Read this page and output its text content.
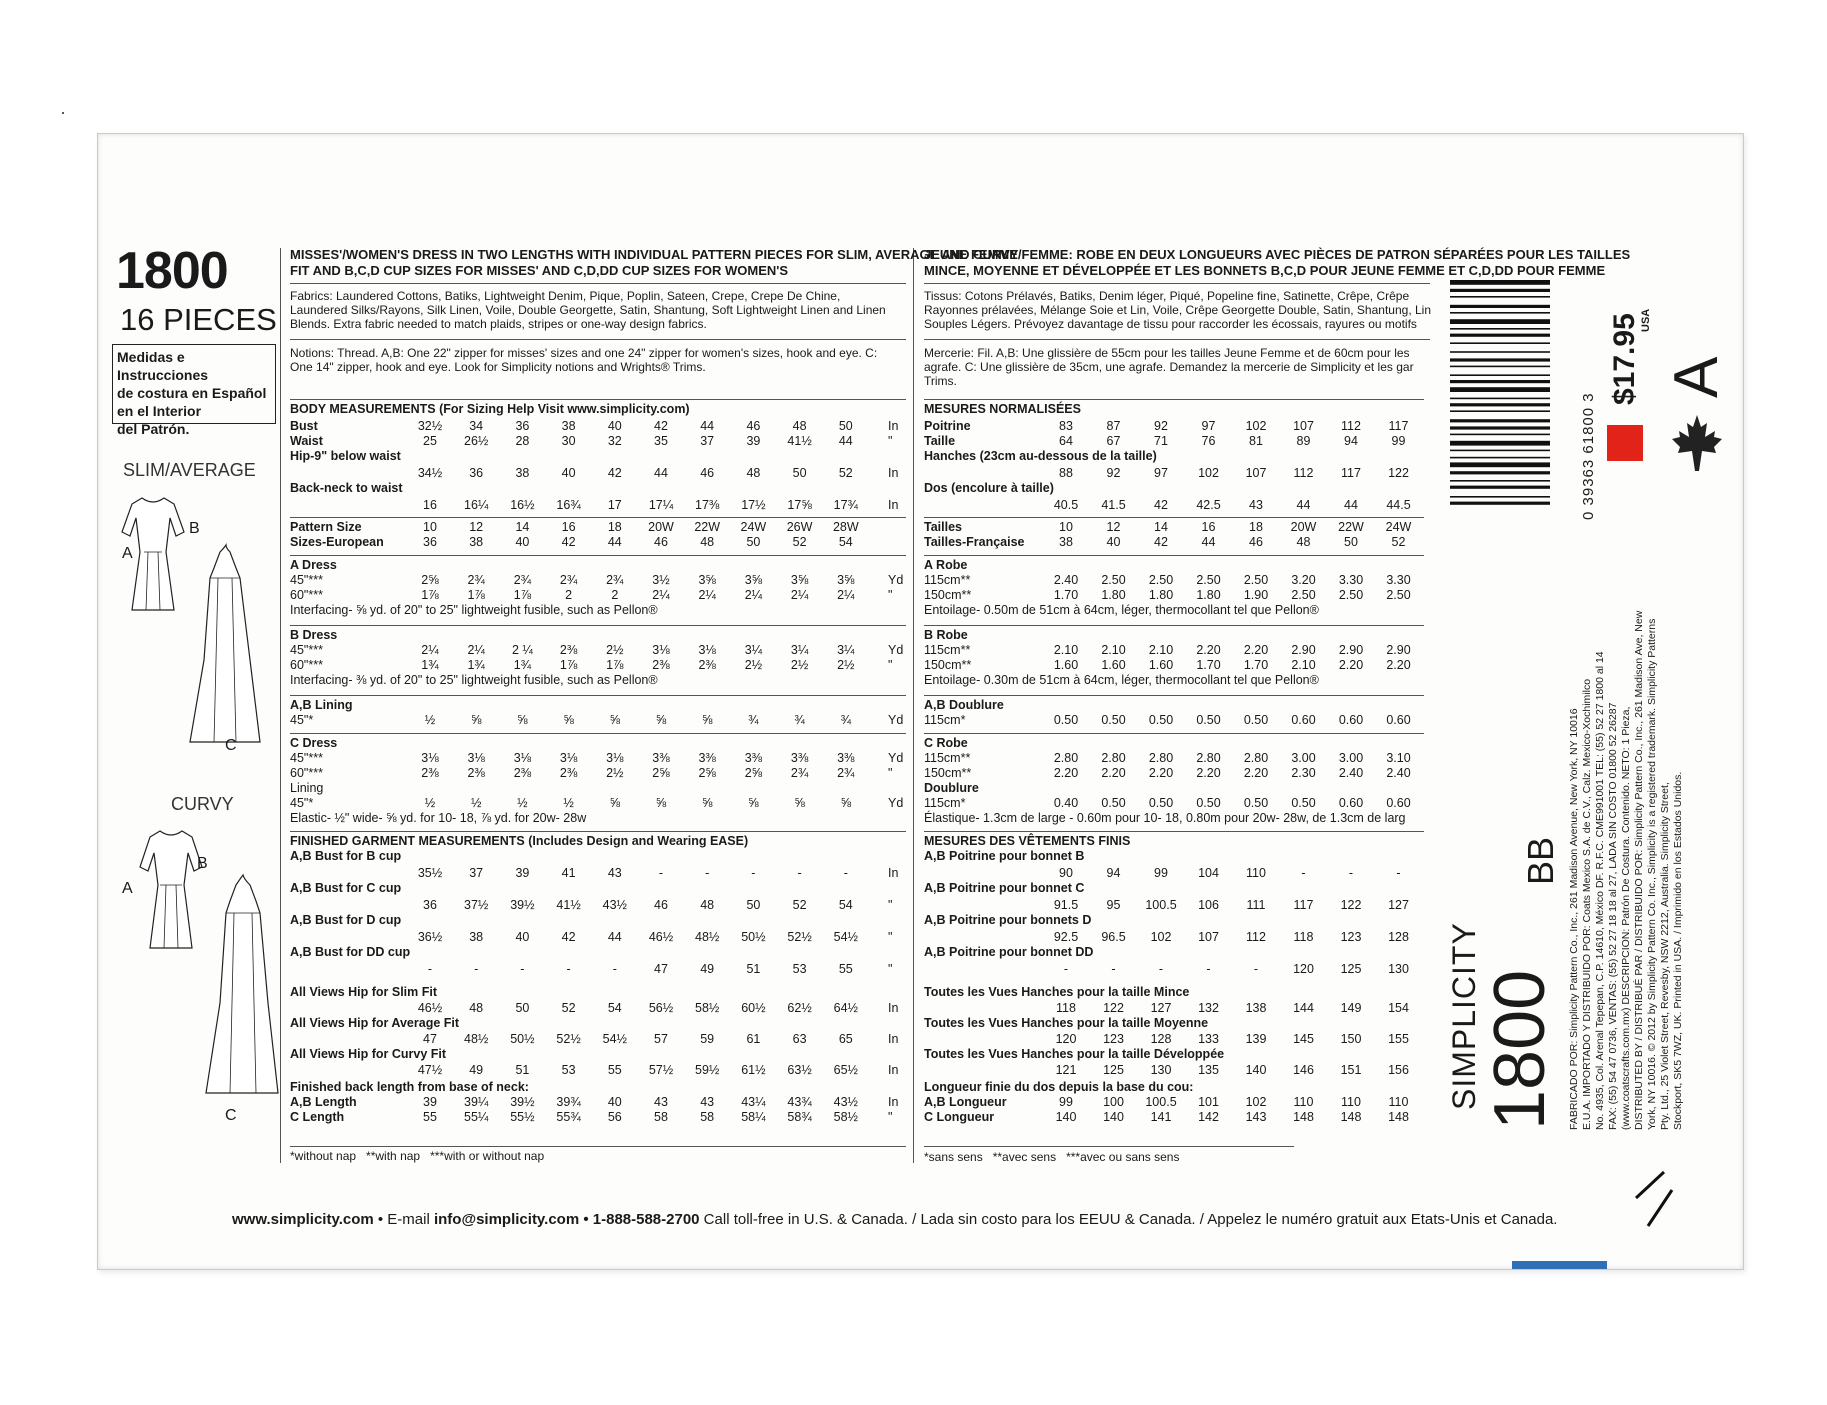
1800
16 PIECES
Medidas e Instrucciones
de costura en Español
en el Interior
del Patrón.
SLIM/AVERAGE
CURVY
A
B
C
A
B
C
MISSES'/WOMEN'S DRESS IN TWO LENGTHS WITH INDIVIDUAL PATTERN PIECES FOR SLIM, AVERAGE AND CURVY
FIT AND B,C,D CUP SIZES FOR MISSES' AND C,D,DD CUP SIZES FOR WOMEN'S
Fabrics: Laundered Cottons, Batiks, Lightweight Denim, Pique, Poplin, Sateen, Crepe, Crepe De Chine,
Laundered Silks/Rayons, Silk Linen, Voile, Double Georgette, Satin, Shantung, Soft Lightweight Linen and Linen
Blends. Extra fabric needed to match plaids, stripes or one-way design fabrics.
Notions: Thread. A,B: One 22" zipper for misses' sizes and one 24" zipper for women's sizes, hook and eye. C:
One 14" zipper, hook and eye. Look for Simplicity notions and Wrights® Trims.
JEUNE FEMME/FEMME: ROBE EN DEUX LONGUEURS AVEC PIÈCES DE PATRON SÉPARÉES POUR LES TAILLES
MINCE, MOYENNE ET DÉVELOPPÉE ET LES BONNETS B,C,D POUR JEUNE FEMME ET C,D,DD POUR FEMME
Tissus: Cotons Prélavés, Batiks, Denim léger, Piqué, Popeline fine, Satinette, Crêpe, Crêpe
Rayonnes prélavées, Mélange Soie et Lin, Voile, Crêpe Georgette Double, Satin, Shantung, Lin
Souples Légers. Prévoyez davantage de tissu pour raccorder les écossais, rayures ou motifs
Mercerie: Fil. A,B: Une glissière de 55cm pour les tailles Jeune Femme et de 60cm pour les
agrafe. C: Une glissière de 35cm, une agrafe. Demandez la mercerie de Simplicity et les gar
Trims.
BODY MEASUREMENTS (For Sizing Help Visit www.simplicity.com)
Bust	32½	34	36	38	40	42	44	46	48	50	In
Waist	25	26½	28	30	32	35	37	39	41½	44	"
Hip-9" below waist
34½	36	38	40	42	44	46	48	50	52	In
Back-neck to waist
16	16¼	16½	16¾	17	17¼	17⅜	17½	17⅝	17¾	In
Pattern Size	10	12	14	16	18	20W	22W	24W	26W	28W
Sizes-European	36	38	40	42	44	46	48	50	52	54
A Dress
45"***	2⅝	2¾	2¾	2¾	2¾	3½	3⅝	3⅝	3⅝	3⅝	Yd
60"***	1⅞	1⅞	1⅞	2	2	2¼	2¼	2¼	2¼	2¼	"
Interfacing- ⅝ yd. of 20" to 25" lightweight fusible, such as Pellon®
B Dress
45"***	2¼	2¼	2 ¼	2⅜	2½	3⅛	3⅛	3¼	3¼	3¼	Yd
60"***	1¾	1¾	1¾	1⅞	1⅞	2⅜	2⅜	2½	2½	2½	"
Interfacing- ⅜ yd. of 20" to 25" lightweight fusible, such as Pellon®
A,B Lining
45"*	½	⅝	⅝	⅝	⅝	⅝	⅝	¾	¾	¾	Yd
C Dress
45"***	3⅛	3⅛	3⅛	3⅛	3⅛	3⅜	3⅜	3⅜	3⅜	3⅜	Yd
60"***	2⅜	2⅜	2⅜	2⅜	2½	2⅝	2⅝	2⅝	2¾	2¾	"
Lining
45"*	½	½	½	½	⅝	⅝	⅝	⅝	⅝	⅝	Yd
Elastic- ½" wide- ⅝ yd. for 10- 18, ⅞ yd. for 20w- 28w
FINISHED GARMENT MEASUREMENTS (Includes Design and Wearing EASE)
A,B Bust for B cup
35½	37	39	41	43	-	-	-	-	-	In
A,B Bust for C cup
36	37½	39½	41½	43½	46	48	50	52	54	"
A,B Bust for D cup
36½	38	40	42	44	46½	48½	50½	52½	54½	"
A,B Bust for DD cup
-	-	-	-	-	47	49	51	53	55	"
All Views Hip for Slim Fit
46½	48	50	52	54	56½	58½	60½	62½	64½	In
All Views Hip for Average Fit
47	48½	50½	52½	54½	57	59	61	63	65	In
All Views Hip for Curvy Fit
47½	49	51	53	55	57½	59½	61½	63½	65½	In
Finished back length from base of neck:
A,B Length	39	39¼	39½	39¾	40	43	43	43¼	43¾	43½	In
C Length	55	55¼	55½	55¾	56	58	58	58¼	58¾	58½	"
MESURES NORMALISÉES
Poitrine	83	87	92	97	102	107	112	117
Taille	64	67	71	76	81	89	94	99
Hanches (23cm au-dessous de la taille)
88	92	97	102	107	112	117	122
Dos (encolure à taille)
40.5	41.5	42	42.5	43	44	44	44.5
Tailles	10	12	14	16	18	20W	22W	24W
Tailles-Française	38	40	42	44	46	48	50	52
A Robe
115cm**	2.40	2.50	2.50	2.50	2.50	3.20	3.30	3.30
150cm**	1.70	1.80	1.80	1.80	1.90	2.50	2.50	2.50
Entoilage- 0.50m de 51cm à 64cm, léger, thermocollant tel que Pellon®
B Robe
115cm**	2.10	2.10	2.10	2.20	2.20	2.90	2.90	2.90
150cm**	1.60	1.60	1.60	1.70	1.70	2.10	2.20	2.20
Entoilage- 0.30m de 51cm à 64cm, léger, thermocollant tel que Pellon®
A,B Doublure
115cm*	0.50	0.50	0.50	0.50	0.50	0.60	0.60	0.60
C Robe
115cm**	2.80	2.80	2.80	2.80	2.80	3.00	3.00	3.10
150cm**	2.20	2.20	2.20	2.20	2.20	2.30	2.40	2.40
Doublure
115cm*	0.40	0.50	0.50	0.50	0.50	0.50	0.60	0.60
Élastique- 1.3cm de large - 0.60m pour 10- 18, 0.80m pour 20w- 28w, de 1.3cm de larg
MESURES DES VÊTEMENTS FINIS
A,B Poitrine pour bonnet B
90	94	99	104	110	-	-	-
A,B Poitrine pour bonnet C
91.5	95	100.5	106	111	117	122	127
A,B Poitrine pour bonnets D
92.5	96.5	102	107	112	118	123	128
A,B Poitrine pour bonnet DD
-	-	-	-	-	120	125	130
Toutes les Vues Hanches pour la taille Mince
118	122	127	132	138	144	149	154
Toutes les Vues Hanches pour la taille Moyenne
120	123	128	133	139	145	150	155
Toutes les Vues Hanches pour la taille Développée
121	125	130	135	140	146	151	156
Longueur finie du dos depuis la base du cou:
A,B Longueur	99	100	100.5	101	102	110	110	110
C Longueur	140	140	141	142	143	148	148	148
*without nap   **with nap   ***with or without nap	*sans sens   **avec sens   ***avec ou sans sens
www.simplicity.com • E-mail info@simplicity.com • 1-888-588-2700 Call toll-free in U.S. & Canada. / Lada sin costo para los EEUU & Canada. / Appelez le numéro gratuit aux Etats-Unis et Canada.
0 39363 61800 3
$17.95 USA
A
SIMPLICITY
1800
BB FABRICADO POR: Simplicity Pattern Co., Inc., 261 Madison Avenue, New York, NY 10016 E.U.A. IMPORTADO Y DISTRIBUIDO POR: Coats Mexico S.A. de C.V., Calz. Mexico-Xochimilco No. 4935, Col. Arenal Tepepan, C.P. 14610, México DF. R.F.C. CME991001 TEL: (55) 52 27 1800 al 14 FAX: (55) 54 47 0736, VENTAS: (55) 52 27 18 18 al 27, LADA SIN COSTO 01800 52 26287 (www.coatscrafts.com.mx) DESCRIPCION: Patrón De Costura. Contenido. NETO: 1 Pieza, DISTRIBUTED BY / DISTRIBUÉ PAR / DISTRIBUIDO POR: Simplicity Pattern Co., Inc., 261 Madison Ave, New York, NY 10016. © 2012 by Simplicity Pattern Co. Inc., Simplicity is a registered trademark. Simplicity Patterns Pty. Ltd., 25 Violet Street, Revesby, NSW 2212, Australia. Simplicity Street, Stockport, SK5 7WZ, UK. Printed in USA. / Imprimido en los Estados Unidos.
